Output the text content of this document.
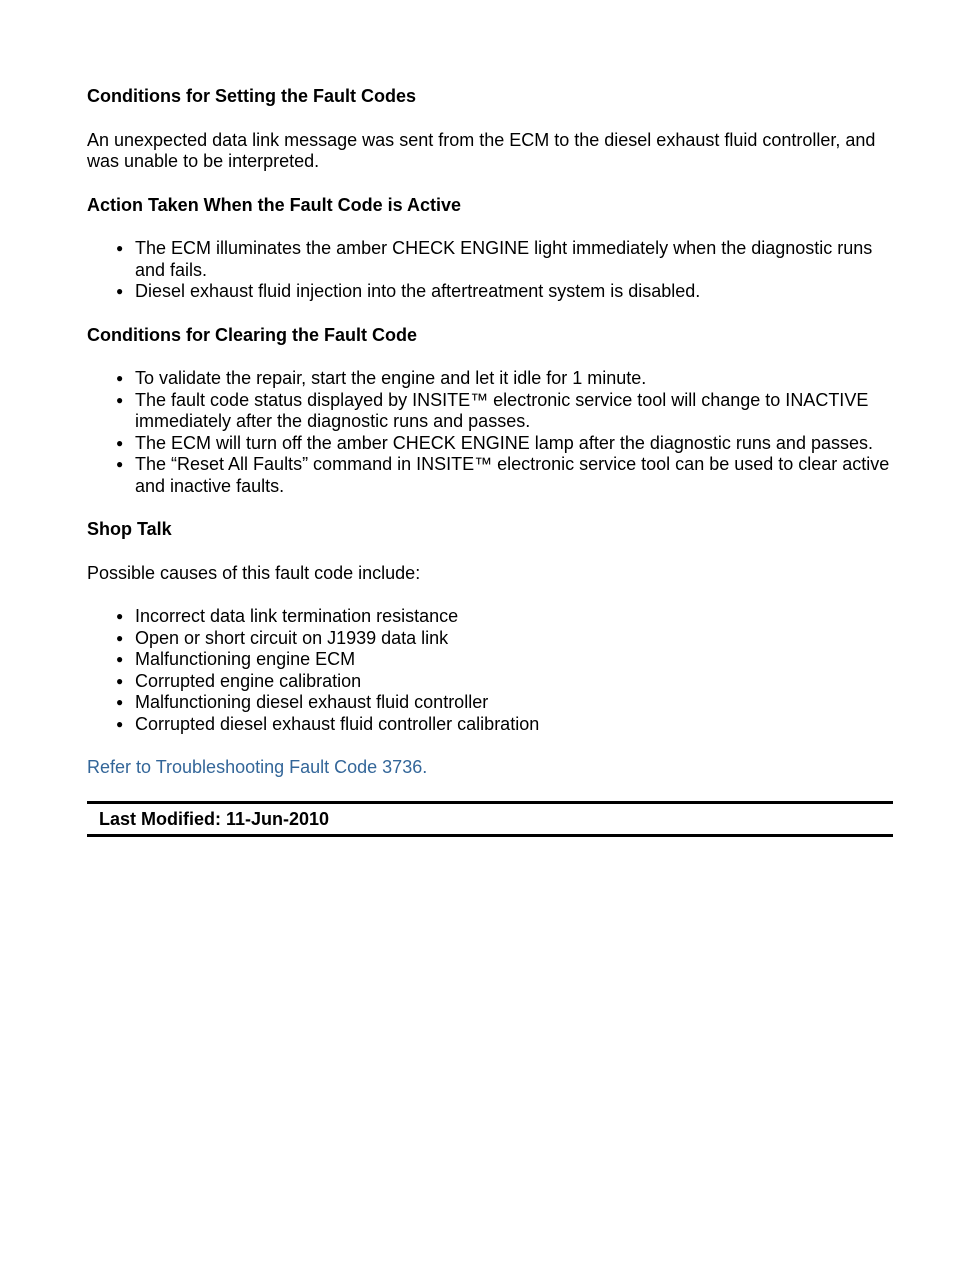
Conditions for Setting the Fault Codes

An unexpected data link message was sent from the ECM to the diesel exhaust fluid controller, and was unable to be interpreted.

Action Taken When the Fault Code is Active
● The ECM illuminates the amber CHECK ENGINE light immediately when the diagnostic runs and fails.
● Diesel exhaust fluid injection into the aftertreatment system is disabled.
Conditions for Clearing the Fault Code
● To validate the repair, start the engine and let it idle for 1 minute.
● The fault code status displayed by INSITE™ electronic service tool will change to INACTIVE immediately after the diagnostic runs and passes.
● The ECM will turn off the amber CHECK ENGINE lamp after the diagnostic runs and passes.
● The “Reset All Faults” command in INSITE™ electronic service tool can be used to clear active and inactive faults.
Shop Talk

Possible causes of this fault code include:

● Incorrect data link termination resistance
● Open or short circuit on J1939 data link
● Malfunctioning engine ECM
● Corrupted engine calibration
● Malfunctioning diesel exhaust fluid controller
● Corrupted diesel exhaust fluid controller calibration

Refer to Troubleshooting Fault Code 3736.

Last Modified: 11-Jun-2010
